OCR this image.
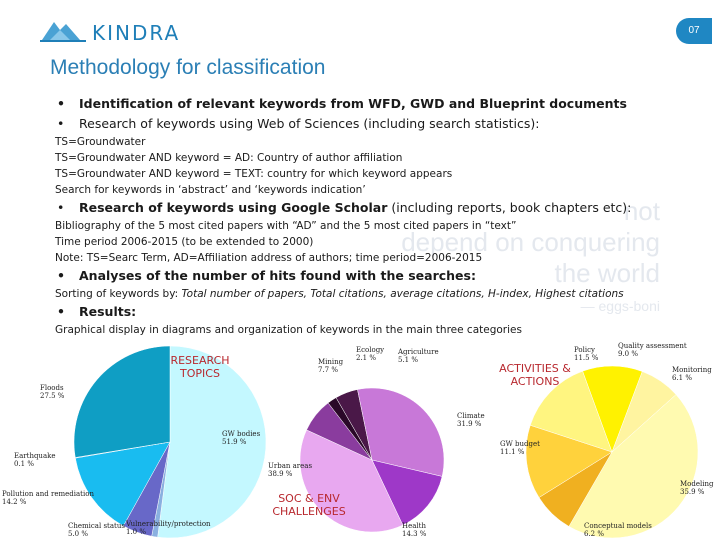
KINDRA	07
Methodology for classification
not
depend on conquering
the world
— eggs-boni
• Identification of relevant keywords from WFD, GWD and Blueprint documents
• Research of keywords using Web of Sciences (including search statistics):
TS=Groundwater
TS=Groundwater AND keyword = AD: Country of author affiliation
TS=Groundwater AND keyword = TEXT: country for which keyword appears
Search for keywords in ‘abstract’ and ‘keywords indication’
• Research of keywords using Google Scholar (including reports, book chapters etc):
Bibliography of the 5 most cited papers with “AD” and the 5 most cited papers in “text”
Time period 2006-2015 (to be extended to 2000)
Note: TS=Searc Term, AD=Affiliation address of authors; time period=2006-2015
• Analyses of the number of hits found with the searches:
Sorting of keywords by: Total number of papers, Total citations, average citations, H-index, Highest citations
• Results:
Graphical display in diagrams and organization of keywords in the main three categories
RESEARCH TOPICS
SOC & ENV CHALLENGES
ACTIVITIES & ACTIONS
GW bodies
51.9 %
Vulnerability/protection
1.0 %
Chemical status
5.0 %
Pollution and remediation
14.2 %
Earthquake
0.1 %
Floods
27.5 %
Agriculture
5.1 %
Climate
31.9 %
Health
14.3 %
Urban areas
38.9 %
Mining
7.7 %
Ecology
2.1 %
Quality assessment
9.0 %
Monitoring
6.1 %
Modeling
35.9 %
Conceptual models
6.2 %
GW budget
11.1 %
Policy
11.5 %
